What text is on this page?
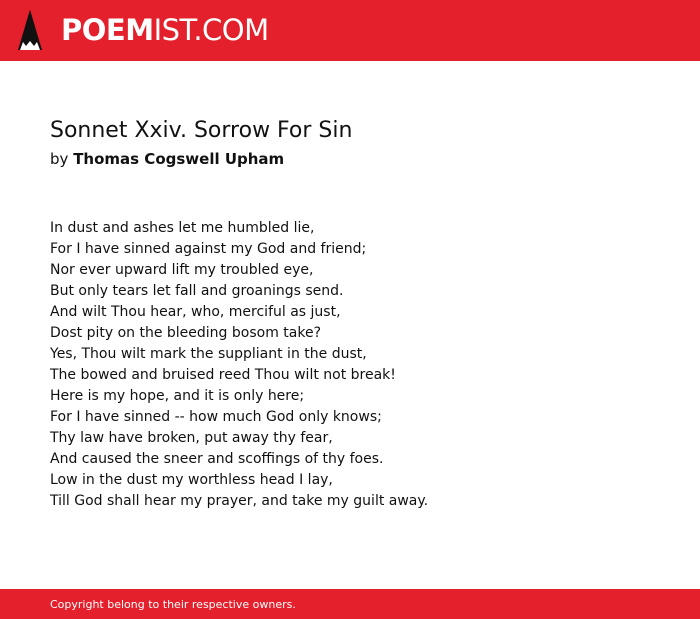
POEMIST.COM
Sonnet Xxiv. Sorrow For Sin
by Thomas Cogswell Upham
In dust and ashes let me humbled lie,
For I have sinned against my God and friend;
Nor ever upward lift my troubled eye,
But only tears let fall and groanings send.
And wilt Thou hear, who, merciful as just,
Dost pity on the bleeding bosom take?
Yes, Thou wilt mark the suppliant in the dust,
The bowed and bruised reed Thou wilt not break!
Here is my hope, and it is only here;
For I have sinned -- how much God only knows;
Thy law have broken, put away thy fear,
And caused the sneer and scoffings of thy foes.
Low in the dust my worthless head I lay,
Till God shall hear my prayer, and take my guilt away.
Copyright belong to their respective owners.
